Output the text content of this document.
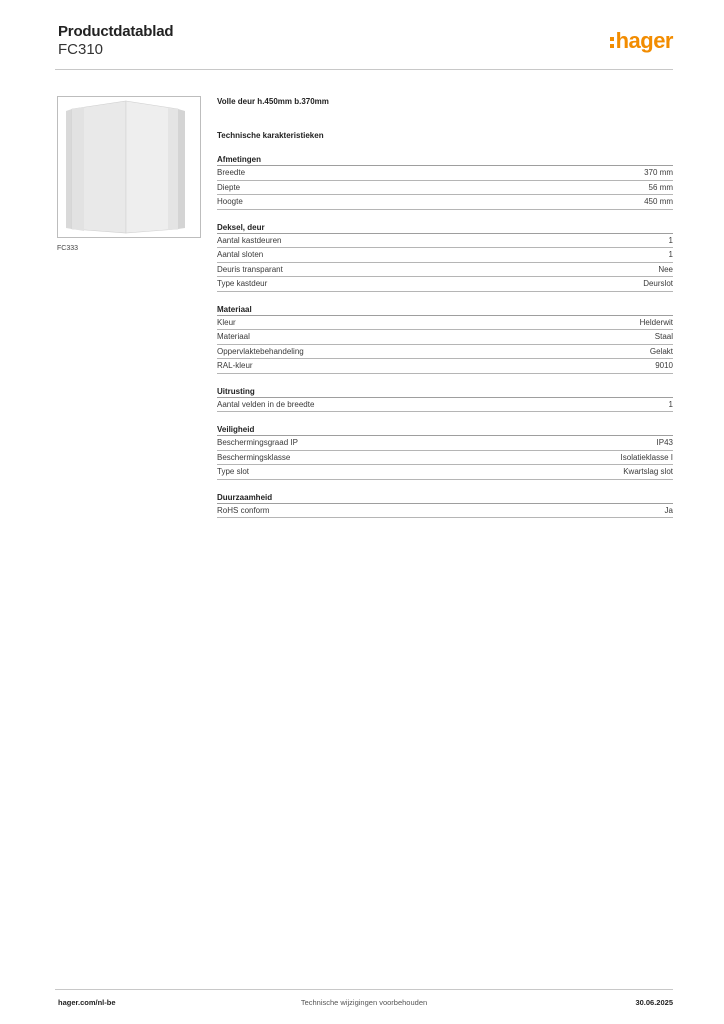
Productdatablad
FC310	hager
FC333
Volle deur h.450mm b.370mm
Technische karakteristieken
Afmetingen
Breedte	370 mm
Diepte	56 mm
Hoogte	450 mm
Deksel, deur
Aantal kastdeuren	1
Aantal sloten	1
Deuris transparant	Nee
Type kastdeur	Deurslot
Materiaal
Kleur	Helderwit
Materiaal	Staal
Oppervlaktebehandeling	Gelakt
RAL-kleur	9010
Uitrusting
Aantal velden in de breedte	1
Veiligheid
Beschermingsgraad IP	IP43
Beschermingsklasse	Isolatieklasse I
Type slot	Kwartslag slot
Duurzaamheid
RoHS conform	Ja
hager.com/nl-be	Technische wijzigingen voorbehouden	30.06.2025
